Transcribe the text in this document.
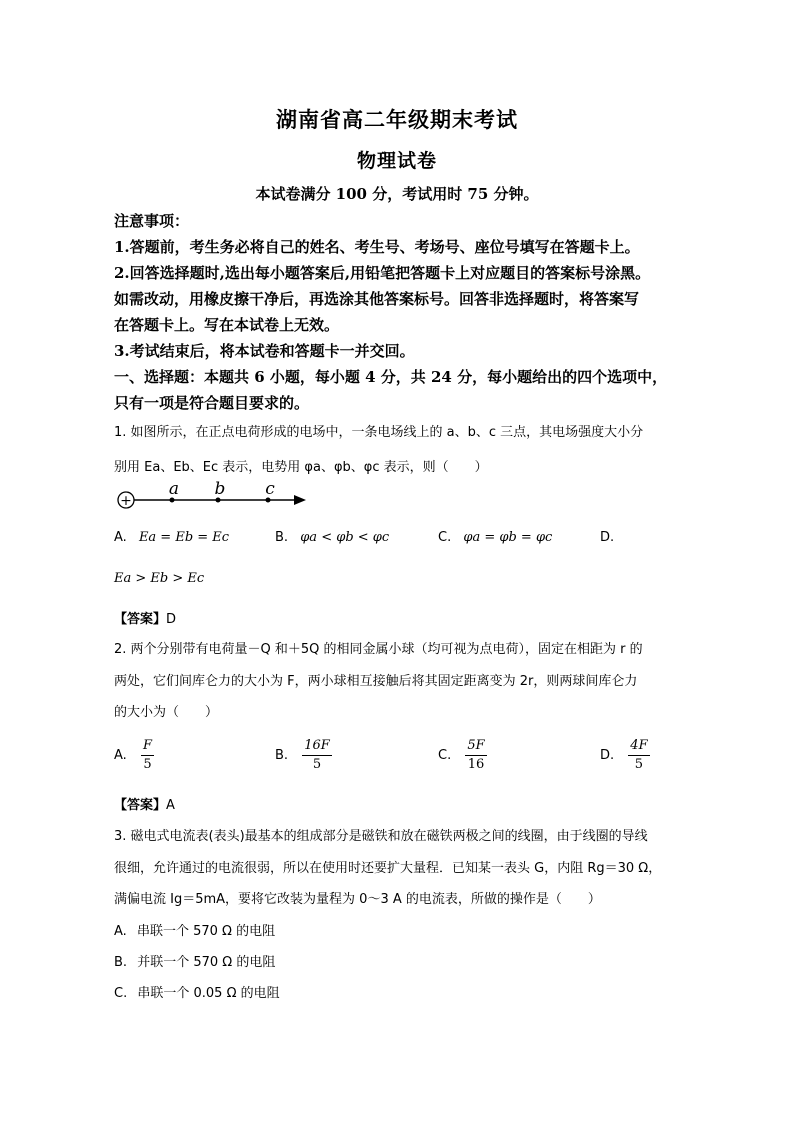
湖南省高二年级期末考试
物理试卷
本试卷满分 100 分，考试用时 75 分钟。
注意事项：
1.答题前，考生务必将自己的姓名、考生号、考场号、座位号填写在答题卡上。
2.回答选择题时,选出每小题答案后,用铅笔把答题卡上对应题目的答案标号涂黑。
如需改动，用橡皮擦干净后，再选涂其他答案标号。回答非选择题时，将答案写
在答题卡上。写在本试卷上无效。
3.考试结束后，将本试卷和答题卡一并交回。
一、选择题：本题共 6 小题，每小题 4 分，共 24 分，每小题给出的四个选项中，
只有一项是符合题目要求的。
1. 如图所示，在正点电荷形成的电场中，一条电场线上的 a、b、c 三点，其电场强度大小分
别用 Ea、Eb、Ec 表示，电势用 φa、φb、φc 表示，则（　　）
+
a b c
A. Ea = Eb = Ec	B. φa < φb < φc	C. φa = φb = φc	D.
Ea > Eb > Ec
【答案】D
2. 两个分别带有电荷量－Q 和＋5Q 的相同金属小球（均可视为点电荷），固定在相距为 r 的
两处，它们间库仑力的大小为 F，两小球相互接触后将其固定距离变为 2r，则两球间库仑力
的大小为（　　）
A. $\frac{F}{5}$	B. $\frac{16F}{5}$	C. $\frac{5F}{16}$	D. $\frac{4F}{5}$
【答案】A
3. 磁电式电流表(表头)最基本的组成部分是磁铁和放在磁铁两极之间的线圈，由于线圈的导线
很细，允许通过的电流很弱，所以在使用时还要扩大量程．已知某一表头 G，内阻 Rg＝30 Ω，
满偏电流 Ig＝5mA，要将它改装为量程为 0～3 A 的电流表，所做的操作是（　　）
A. 串联一个 570 Ω 的电阻
B. 并联一个 570 Ω 的电阻
C. 串联一个 0.05 Ω 的电阻
